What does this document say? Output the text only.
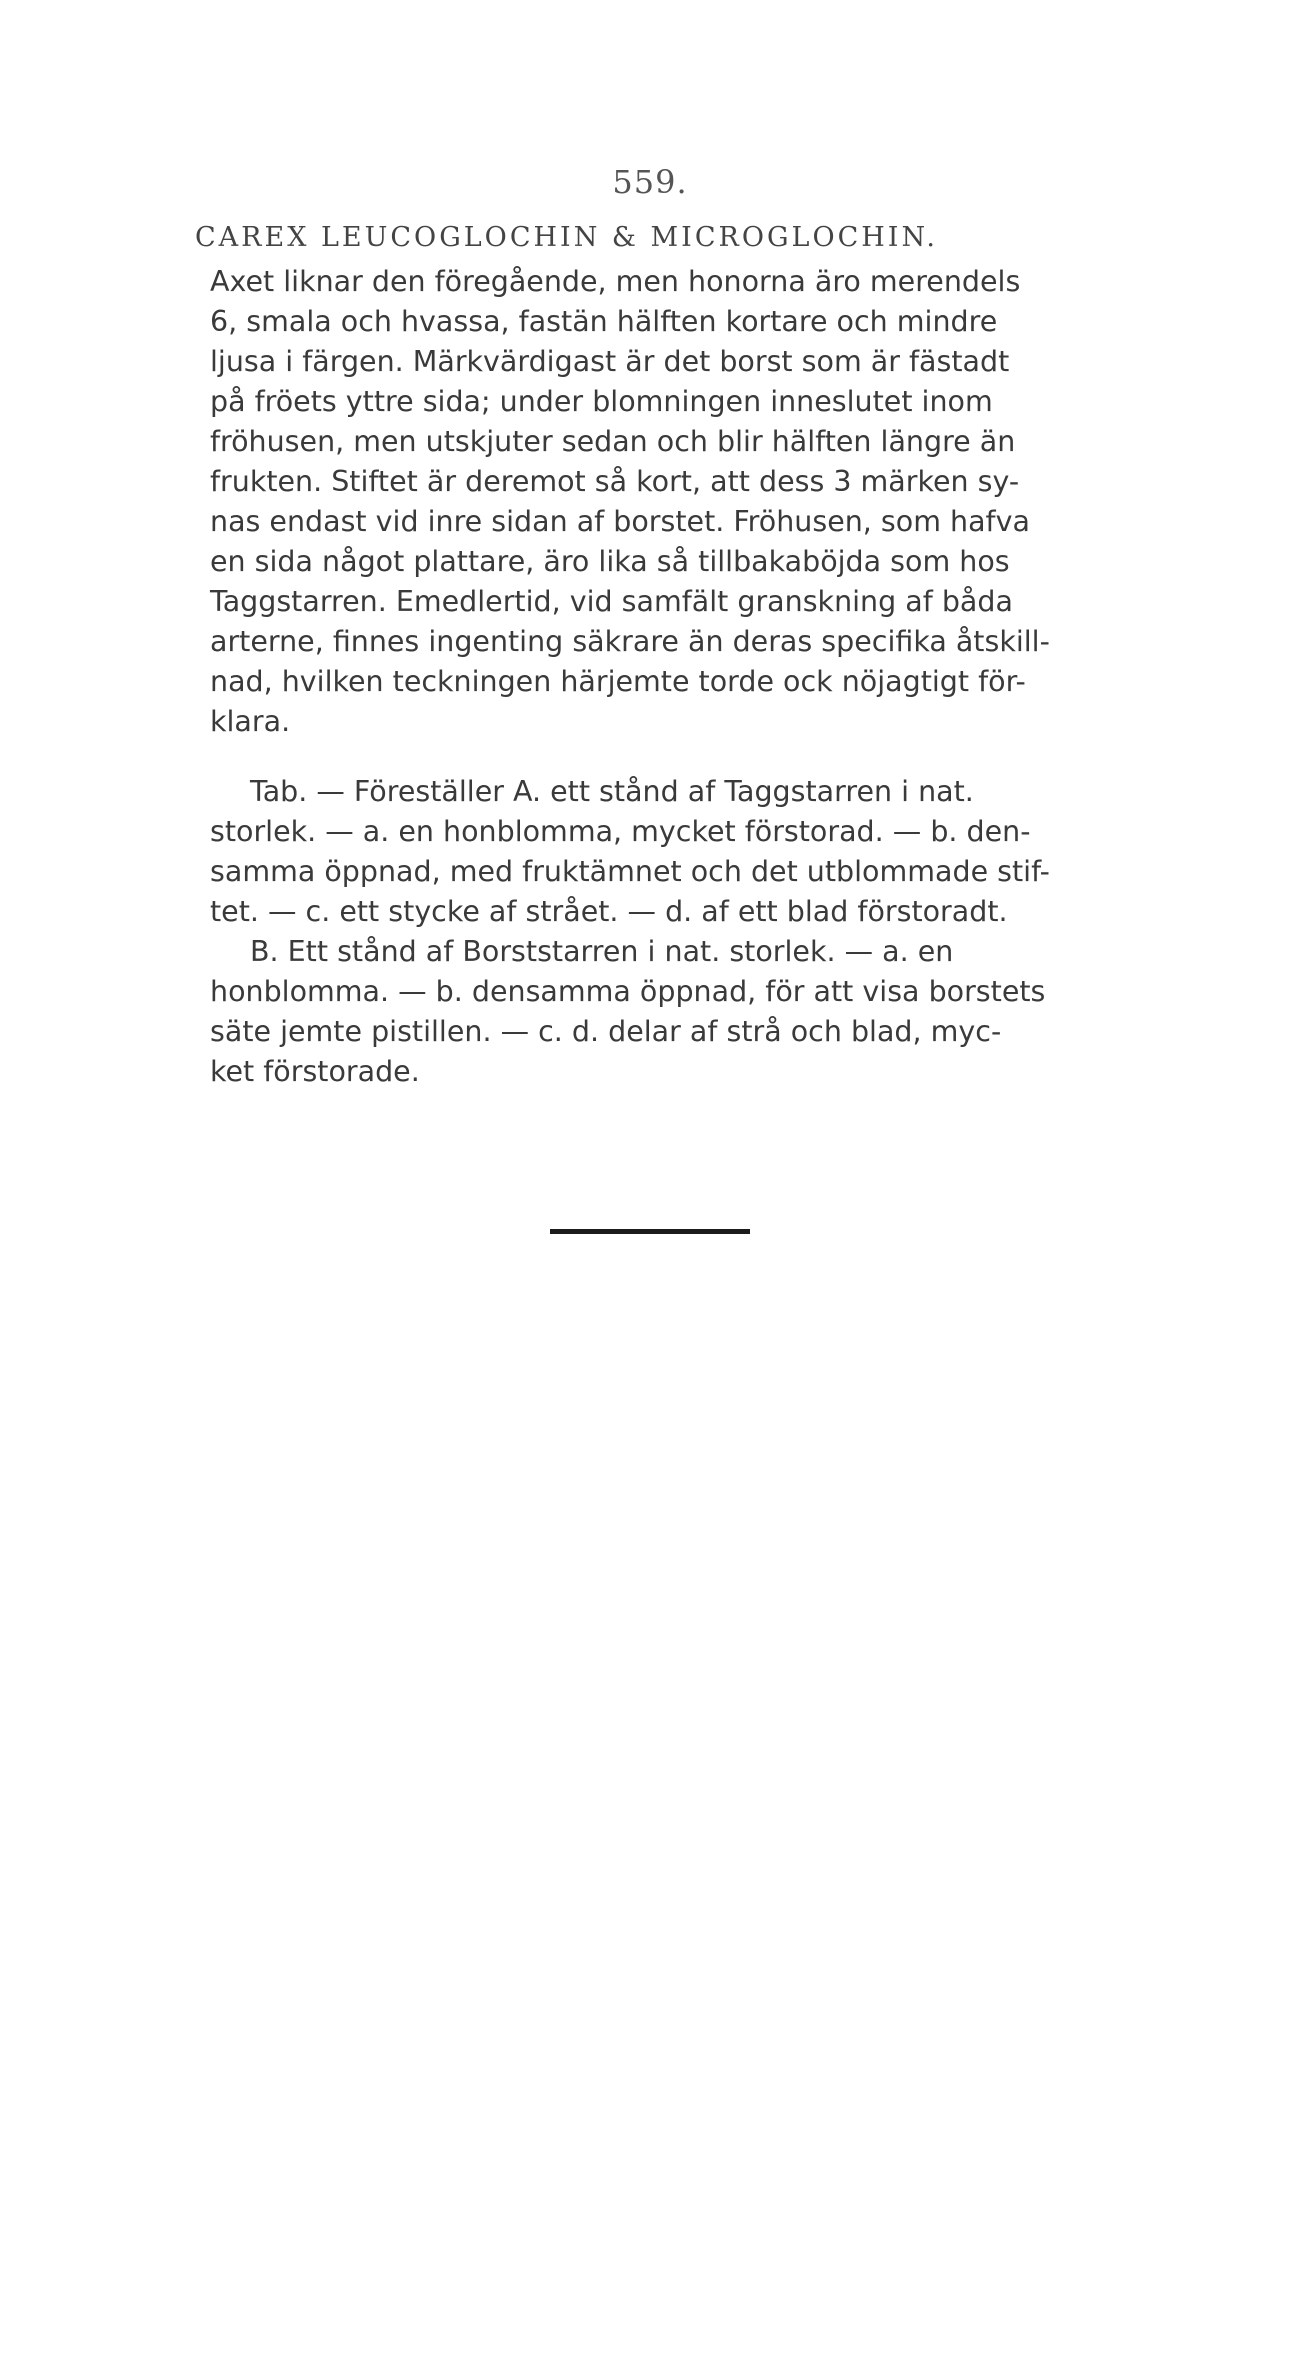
559.
CAREX LEUCOGLOCHIN & MICROGLOCHIN.
Axet liknar den föregående, men honorna äro merendels
6, smala och hvassa, fastän hälften kortare och mindre
ljusa i färgen. Märkvärdigast är det borst som är fästadt
på fröets yttre sida; under blomningen inneslutet inom
fröhusen, men utskjuter sedan och blir hälften längre än
frukten. Stiftet är deremot så kort, att dess 3 märken sy-
nas endast vid inre sidan af borstet. Fröhusen, som hafva
en sida något plattare, äro lika så tillbakaböjda som hos
Taggstarren. Emedlertid, vid samfält granskning af båda
arterne, finnes ingenting säkrare än deras specifika åtskill-
nad, hvilken teckningen härjemte torde ock nöjagtigt för-
klara.
Tab. — Föreställer A. ett stånd af Taggstarren i nat.
storlek. — a. en honblomma, mycket förstorad. — b. den-
samma öppnad, med fruktämnet och det utblommade stif-
tet. — c. ett stycke af strået. — d. af ett blad förstoradt.
B. Ett stånd af Borststarren i nat. storlek. — a. en
honblomma. — b. densamma öppnad, för att visa borstets
säte jemte pistillen. — c. d. delar af strå och blad, myc-
ket förstorade.
